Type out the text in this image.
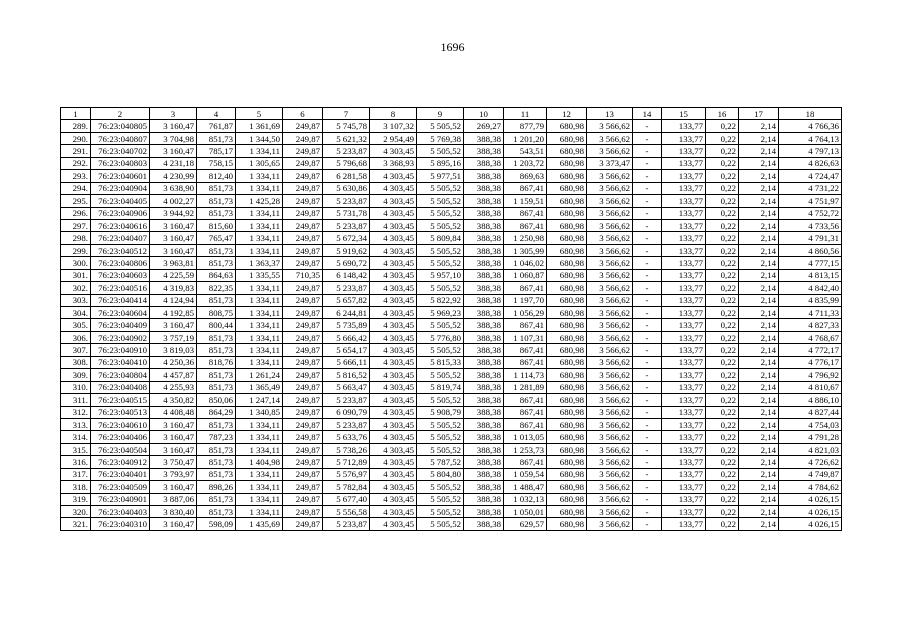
1696
1	2	3	4	5	6	7	8	9	10	11	12	13	14	15	16	17	18
289.	76:23:040805	3 160,47	761,87	1 361,69	249,87	5 745,78	3 107,32	5 505,52	269,27	877,79	680,98	3 566,62	-	133,77	0,22	2,14	4 766,36
290.	76:23:040807	3 704,98	851,73	1 344,50	249,87	5 621,32	2 954,49	5 769,38	388,38	1 201,20	680,98	3 566,62	-	133,77	0,22	2,14	4 764,13
291.	76:23:040702	3 160,47	785,17	1 334,11	249,87	5 233,87	4 303,45	5 505,52	388,38	543,51	680,98	3 566,62	-	133,77	0,22	2,14	4 797,13
292.	76:23:040803	4 231,18	758,15	1 305,65	249,87	5 796,68	3 368,93	5 895,16	388,38	1 203,72	680,98	3 373,47	-	133,77	0,22	2,14	4 826,63
293.	76:23:040601	4 230,99	812,40	1 334,11	249,87	6 281,58	4 303,45	5 977,51	388,38	869,63	680,98	3 566,62	-	133,77	0,22	2,14	4 724,47
294.	76:23:040904	3 638,90	851,73	1 334,11	249,87	5 630,86	4 303,45	5 505,52	388,38	867,41	680,98	3 566,62	-	133,77	0,22	2,14	4 731,22
295.	76:23:040405	4 002,27	851,73	1 425,28	249,87	5 233,87	4 303,45	5 505,52	388,38	1 159,51	680,98	3 566,62	-	133,77	0,22	2,14	4 751,97
296.	76:23:040906	3 944,92	851,73	1 334,11	249,87	5 731,78	4 303,45	5 505,52	388,38	867,41	680,98	3 566,62	-	133,77	0,22	2,14	4 752,72
297.	76:23:040616	3 160,47	815,60	1 334,11	249,87	5 233,87	4 303,45	5 505,52	388,38	867,41	680,98	3 566,62	-	133,77	0,22	2,14	4 733,56
298.	76:23:040407	3 160,47	765,47	1 334,11	249,87	5 672,34	4 303,45	5 809,84	388,38	1 250,98	680,98	3 566,62	-	133,77	0,22	2,14	4 791,31
299.	76:23:040512	3 160,47	851,73	1 334,11	249,87	5 919,62	4 303,45	5 505,52	388,38	1 305,99	680,98	3 566,62	-	133,77	0,22	2,14	4 860,56
300.	76:23:040806	3 963,81	851,73	1 363,37	249,87	5 690,72	4 303,45	5 505,52	388,38	1 046,02	680,98	3 566,62	-	133,77	0,22	2,14	4 777,15
301.	76:23:040603	4 225,59	864,63	1 335,55	710,35	6 148,42	4 303,45	5 957,10	388,38	1 060,87	680,98	3 566,62	-	133,77	0,22	2,14	4 813,15
302.	76:23:040516	4 319,83	822,35	1 334,11	249,87	5 233,87	4 303,45	5 505,52	388,38	867,41	680,98	3 566,62	-	133,77	0,22	2,14	4 842,40
303.	76:23:040414	4 124,94	851,73	1 334,11	249,87	5 657,82	4 303,45	5 822,92	388,38	1 197,70	680,98	3 566,62	-	133,77	0,22	2,14	4 835,99
304.	76:23:040604	4 192,85	808,75	1 334,11	249,87	6 244,81	4 303,45	5 969,23	388,38	1 056,29	680,98	3 566,62	-	133,77	0,22	2,14	4 711,33
305.	76:23:040409	3 160,47	800,44	1 334,11	249,87	5 735,89	4 303,45	5 505,52	388,38	867,41	680,98	3 566,62	-	133,77	0,22	2,14	4 827,33
306.	76:23:040902	3 757,19	851,73	1 334,11	249,87	5 666,42	4 303,45	5 776,80	388,38	1 107,31	680,98	3 566,62	-	133,77	0,22	2,14	4 768,67
307.	76:23:040910	3 819,03	851,73	1 334,11	249,87	5 654,17	4 303,45	5 505,52	388,38	867,41	680,98	3 566,62	-	133,77	0,22	2,14	4 772,17
308.	76:23:040410	4 250,36	818,76	1 334,11	249,87	5 666,11	4 303,45	5 815,33	388,38	867,41	680,98	3 566,62	-	133,77	0,22	2,14	4 776,17
309.	76:23:040804	4 457,87	851,73	1 261,24	249,87	5 816,52	4 303,45	5 505,52	388,38	1 114,73	680,98	3 566,62	-	133,77	0,22	2,14	4 796,92
310.	76:23:040408	4 255,93	851,73	1 365,49	249,87	5 663,47	4 303,45	5 819,74	388,38	1 281,89	680,98	3 566,62	-	133,77	0,22	2,14	4 810,67
311.	76:23:040515	4 350,82	850,06	1 247,14	249,87	5 233,87	4 303,45	5 505,52	388,38	867,41	680,98	3 566,62	-	133,77	0,22	2,14	4 886,10
312.	76:23:040513	4 408,48	864,29	1 340,85	249,87	6 090,79	4 303,45	5 908,79	388,38	867,41	680,98	3 566,62	-	133,77	0,22	2,14	4 827,44
313.	76:23:040610	3 160,47	851,73	1 334,11	249,87	5 233,87	4 303,45	5 505,52	388,38	867,41	680,98	3 566,62	-	133,77	0,22	2,14	4 754,03
314.	76:23:040406	3 160,47	787,23	1 334,11	249,87	5 633,76	4 303,45	5 505,52	388,38	1 013,05	680,98	3 566,62	-	133,77	0,22	2,14	4 791,28
315.	76:23:040504	3 160,47	851,73	1 334,11	249,87	5 738,26	4 303,45	5 505,52	388,38	1 253,73	680,98	3 566,62	-	133,77	0,22	2,14	4 821,03
316.	76:23:040912	3 750,47	851,73	1 404,98	249,87	5 712,89	4 303,45	5 787,52	388,38	867,41	680,98	3 566,62	-	133,77	0,22	2,14	4 726,62
317.	76:23:040401	3 793,97	851,73	1 334,11	249,87	5 576,97	4 303,45	5 804,80	388,38	1 059,54	680,98	3 566,62	-	133,77	0,22	2,14	4 749,87
318.	76:23:040509	3 160,47	898,26	1 334,11	249,87	5 782,84	4 303,45	5 505,52	388,38	1 488,47	680,98	3 566,62	-	133,77	0,22	2,14	4 784,62
319.	76:23:040901	3 887,06	851,73	1 334,11	249,87	5 677,40	4 303,45	5 505,52	388,38	1 032,13	680,98	3 566,62	-	133,77	0,22	2,14	4 026,15
320.	76:23:040403	3 830,40	851,73	1 334,11	249,87	5 556,58	4 303,45	5 505,52	388,38	1 050,01	680,98	3 566,62	-	133,77	0,22	2,14	4 026,15
321.	76:23:040310	3 160,47	598,09	1 435,69	249,87	5 233,87	4 303,45	5 505,52	388,38	629,57	680,98	3 566,62	-	133,77	0,22	2,14	4 026,15
